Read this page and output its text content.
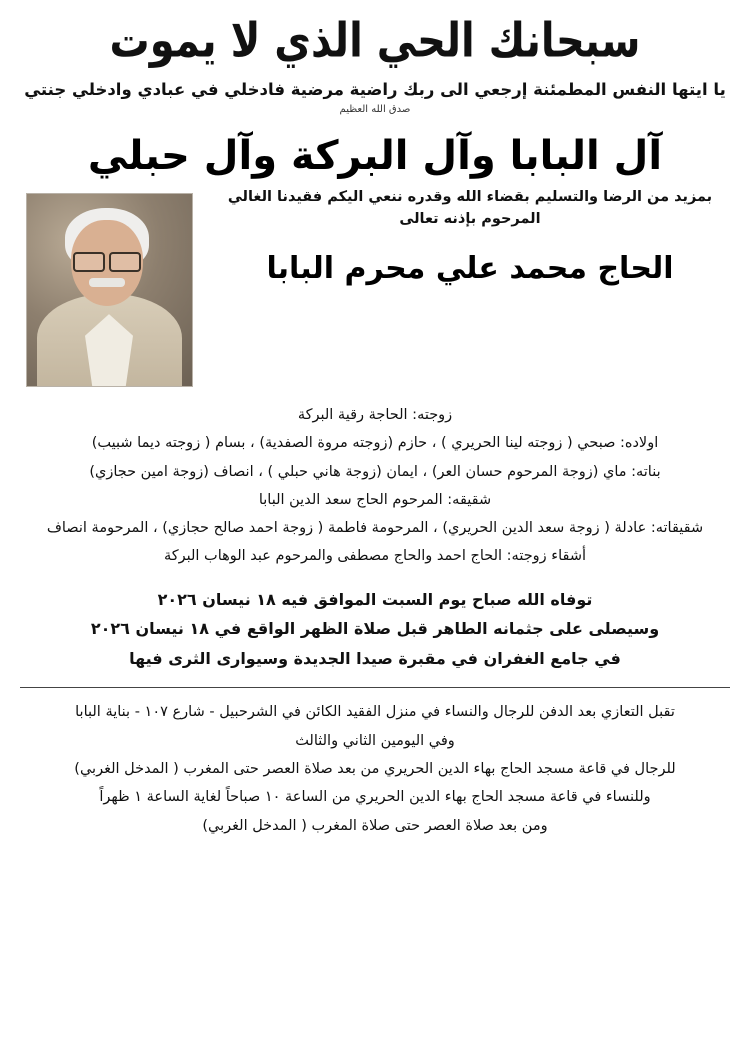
سبحانك الحي الذي لا يموت
يا ايتها النفس المطمئنة إرجعي الى ربك راضية مرضية فادخلي في عبادي وادخلي جنتي
صدق الله العظيم
آل البابا وآل البركة وآل حبلي
بمزيد من الرضا والتسليم بقضاء الله وقدره ننعي اليكم فقيدنا الغالي المرحوم بإذنه تعالى
الحاج محمد علي محرم البابا
زوجته: الحاجة رقية البركة
اولاده: صبحي ( زوجته لينا الحريري ) ، حازم (زوجته مروة الصفدية) ، بسام ( زوجته ديما شبيب)
بناته: ماي (زوجة المرحوم حسان العر) ، ايمان (زوجة هاني حبلي ) ، انصاف (زوجة امين حجازي)
شقيقه: المرحوم الحاج سعد الدين البابا
شقيقاته: عادلة ( زوجة سعد الدين الحريري) ، المرحومة فاطمة ( زوجة احمد صالح حجازي) ، المرحومة انصاف
أشقاء زوجته: الحاج احمد والحاج مصطفى والمرحوم عبد الوهاب البركة
توفاه الله صباح يوم السبت الموافق فيه ١٨ نيسان ٢٠٢٦
وسيصلى على جثمانه الطاهر قبل صلاة الظهر الواقع في ١٨ نيسان ٢٠٢٦
في جامع الغفران في مقبرة صيدا الجديدة وسيوارى الثرى فيها
تقبل التعازي بعد الدفن للرجال والنساء في منزل الفقيد الكائن في الشرحبيل - شارع ١٠٧ - بناية البابا
وفي اليومين الثاني والثالث
للرجال في قاعة مسجد الحاج بهاء الدين الحريري من بعد صلاة العصر حتى المغرب ( المدخل الغربي)
وللنساء في قاعة مسجد الحاج بهاء الدين الحريري من الساعة ١٠ صباحاً لغاية الساعة ١ ظهراً
ومن بعد صلاة العصر حتى صلاة المغرب ( المدخل الغربي)
